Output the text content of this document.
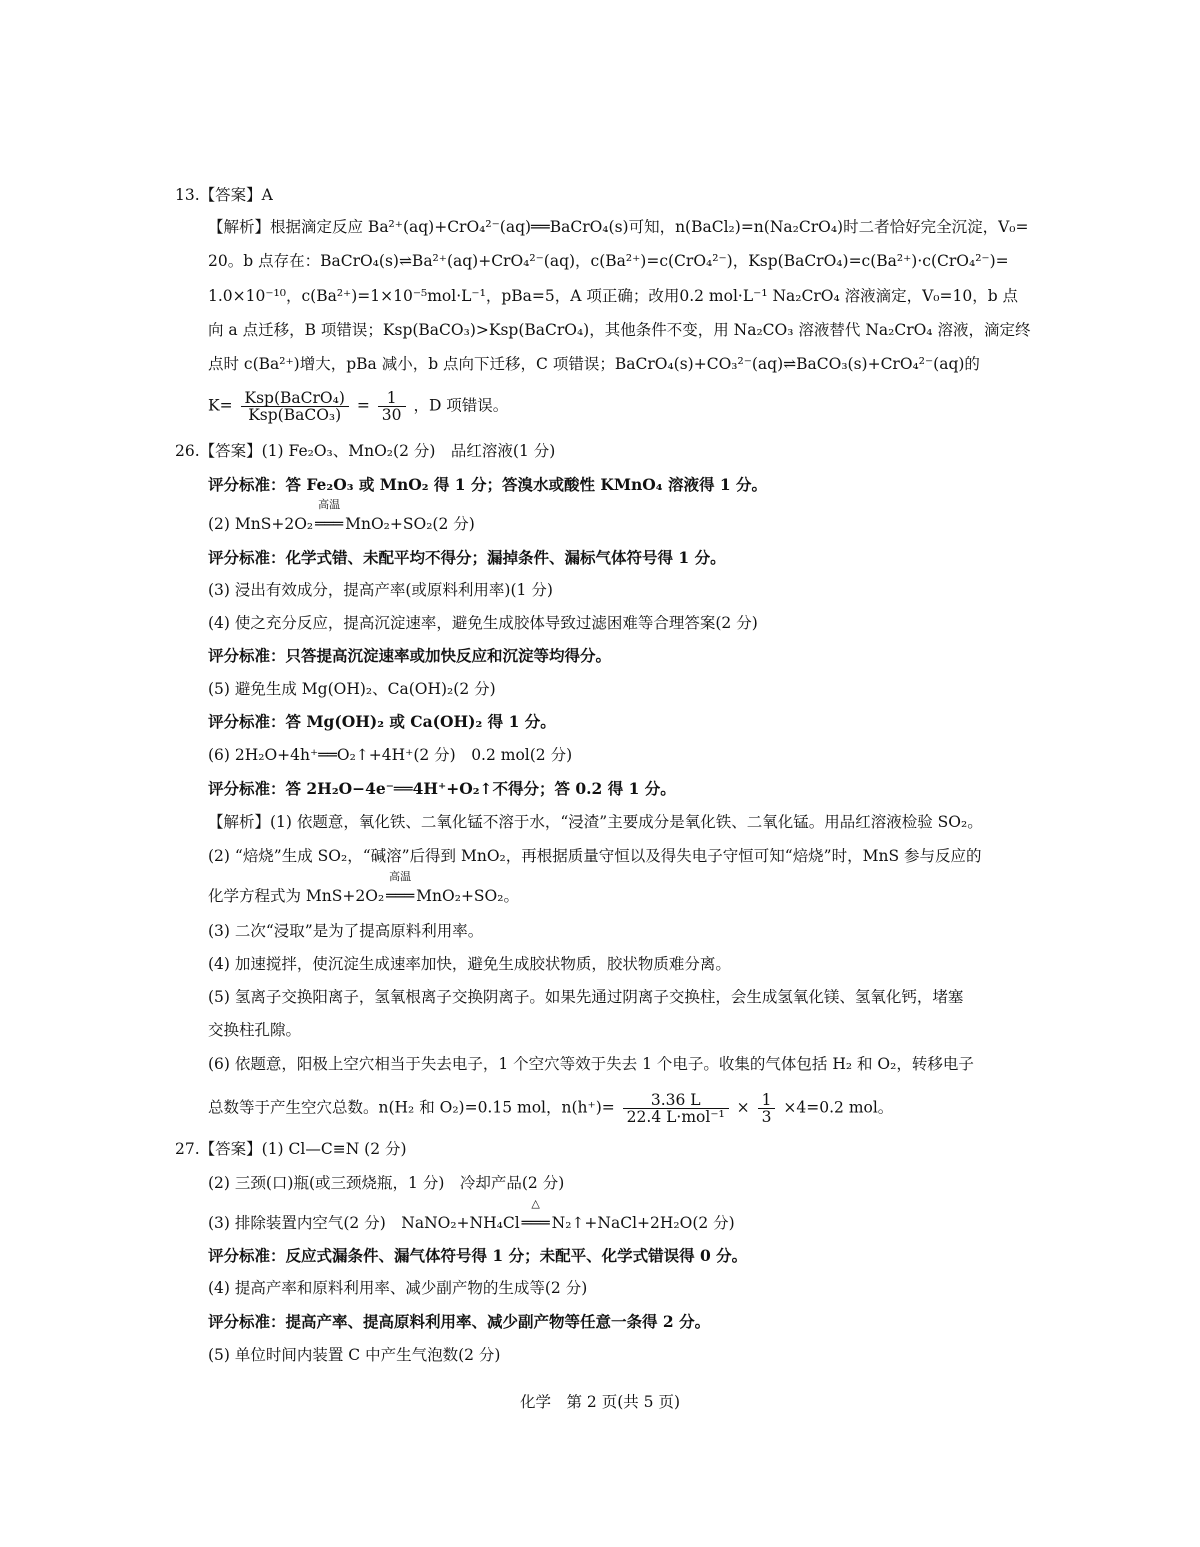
13.【答案】A
【解析】根据滴定反应 Ba²⁺(aq)+CrO₄²⁻(aq)══BaCrO₄(s)可知，n(BaCl₂)=n(Na₂CrO₄)时二者恰好完全沉淀，V₀=
20。b 点存在：BaCrO₄(s)⇌Ba²⁺(aq)+CrO₄²⁻(aq)，c(Ba²⁺)=c(CrO₄²⁻)，Ksp(BaCrO₄)=c(Ba²⁺)·c(CrO₄²⁻)=
1.0×10⁻¹⁰，c(Ba²⁺)=1×10⁻⁵mol·L⁻¹，pBa=5，A 项正确；改用0.2 mol·L⁻¹ Na₂CrO₄ 溶液滴定，V₀=10，b 点
向 a 点迁移，B 项错误；Ksp(BaCO₃)>Ksp(BaCrO₄)，其他条件不变，用 Na₂CO₃ 溶液替代 Na₂CrO₄ 溶液，滴定终
点时 c(Ba²⁺)增大，pBa 减小，b 点向下迁移，C 项错误；BaCrO₄(s)+CO₃²⁻(aq)⇌BaCO₃(s)+CrO₄²⁻(aq)的
$K= \frac{\text{Ksp(BaCrO₄)}}{\text{Ksp(BaCO₃)}} = \frac{1}{30}$ ，D 项错误。
26.【答案】(1) Fe₂O₃、MnO₂(2 分)　品红溶液(1 分)
评分标准：答 Fe₂O₃ 或 MnO₂ 得 1 分；答溴水或酸性 KMnO₄ 溶液得 1 分。
(2) MnS+2O₂
高温
═══ MnO₂+SO₂(2 分)
评分标准：化学式错、未配平均不得分；漏掉条件、漏标气体符号得 1 分。
(3) 浸出有效成分，提高产率(或原料利用率)(1 分)
(4) 使之充分反应，提高沉淀速率，避免生成胶体导致过滤困难等合理答案(2 分)
评分标准：只答提高沉淀速率或加快反应和沉淀等均得分。
(5) 避免生成 Mg(OH)₂、Ca(OH)₂(2 分)
评分标准：答 Mg(OH)₂ 或 Ca(OH)₂ 得 1 分。
(6) 2H₂O+4h⁺══O₂↑+4H⁺(2 分)　0.2 mol(2 分)
评分标准：答 2H₂O−4e⁻══4H⁺+O₂↑不得分；答 0.2 得 1 分。
【解析】(1) 依题意，氧化铁、二氧化锰不溶于水，“浸渣”主要成分是氧化铁、二氧化锰。用品红溶液检验 SO₂。
(2) “焙烧”生成 SO₂，“碱溶”后得到 MnO₂，再根据质量守恒以及得失电子守恒可知“焙烧”时，MnS 参与反应的
化学方程式为 MnS+2O₂
高温
═══ MnO₂+SO₂。
(3) 二次“浸取”是为了提高原料利用率。
(4) 加速搅拌，使沉淀生成速率加快，避免生成胶状物质，胶状物质难分离。
(5) 氢离子交换阳离子，氢氧根离子交换阴离子。如果先通过阴离子交换柱，会生成氢氧化镁、氢氧化钙，堵塞
交换柱孔隙。
(6) 依题意，阳极上空穴相当于失去电子，1 个空穴等效于失去 1 个电子。收集的气体包括 H₂ 和 O₂，转移电子
总数等于产生空穴总数。n(H₂ 和 O₂)=0.15 mol，$n(h^+)= \frac{3.36 L}{\text{22.4 L·mol⁻¹}} \times \frac{1}{3} \times 4=0.2$ mol。
27.【答案】(1) Cl—C≡N (2 分)
(2) 三颈(口)瓶(或三颈烧瓶，1 分)　冷却产品(2 分)
(3) 排除装置内空气(2 分)　NaNO₂+NH₄Cl
△
═══ N₂↑+NaCl+2H₂O(2 分)
评分标准：反应式漏条件、漏气体符号得 1 分；未配平、化学式错误得 0 分。
(4) 提高产率和原料利用率、减少副产物的生成等(2 分)
评分标准：提高产率、提高原料利用率、减少副产物等任意一条得 2 分。
(5) 单位时间内装置 C 中产生气泡数(2 分)
化学　第 2 页(共 5 页)
